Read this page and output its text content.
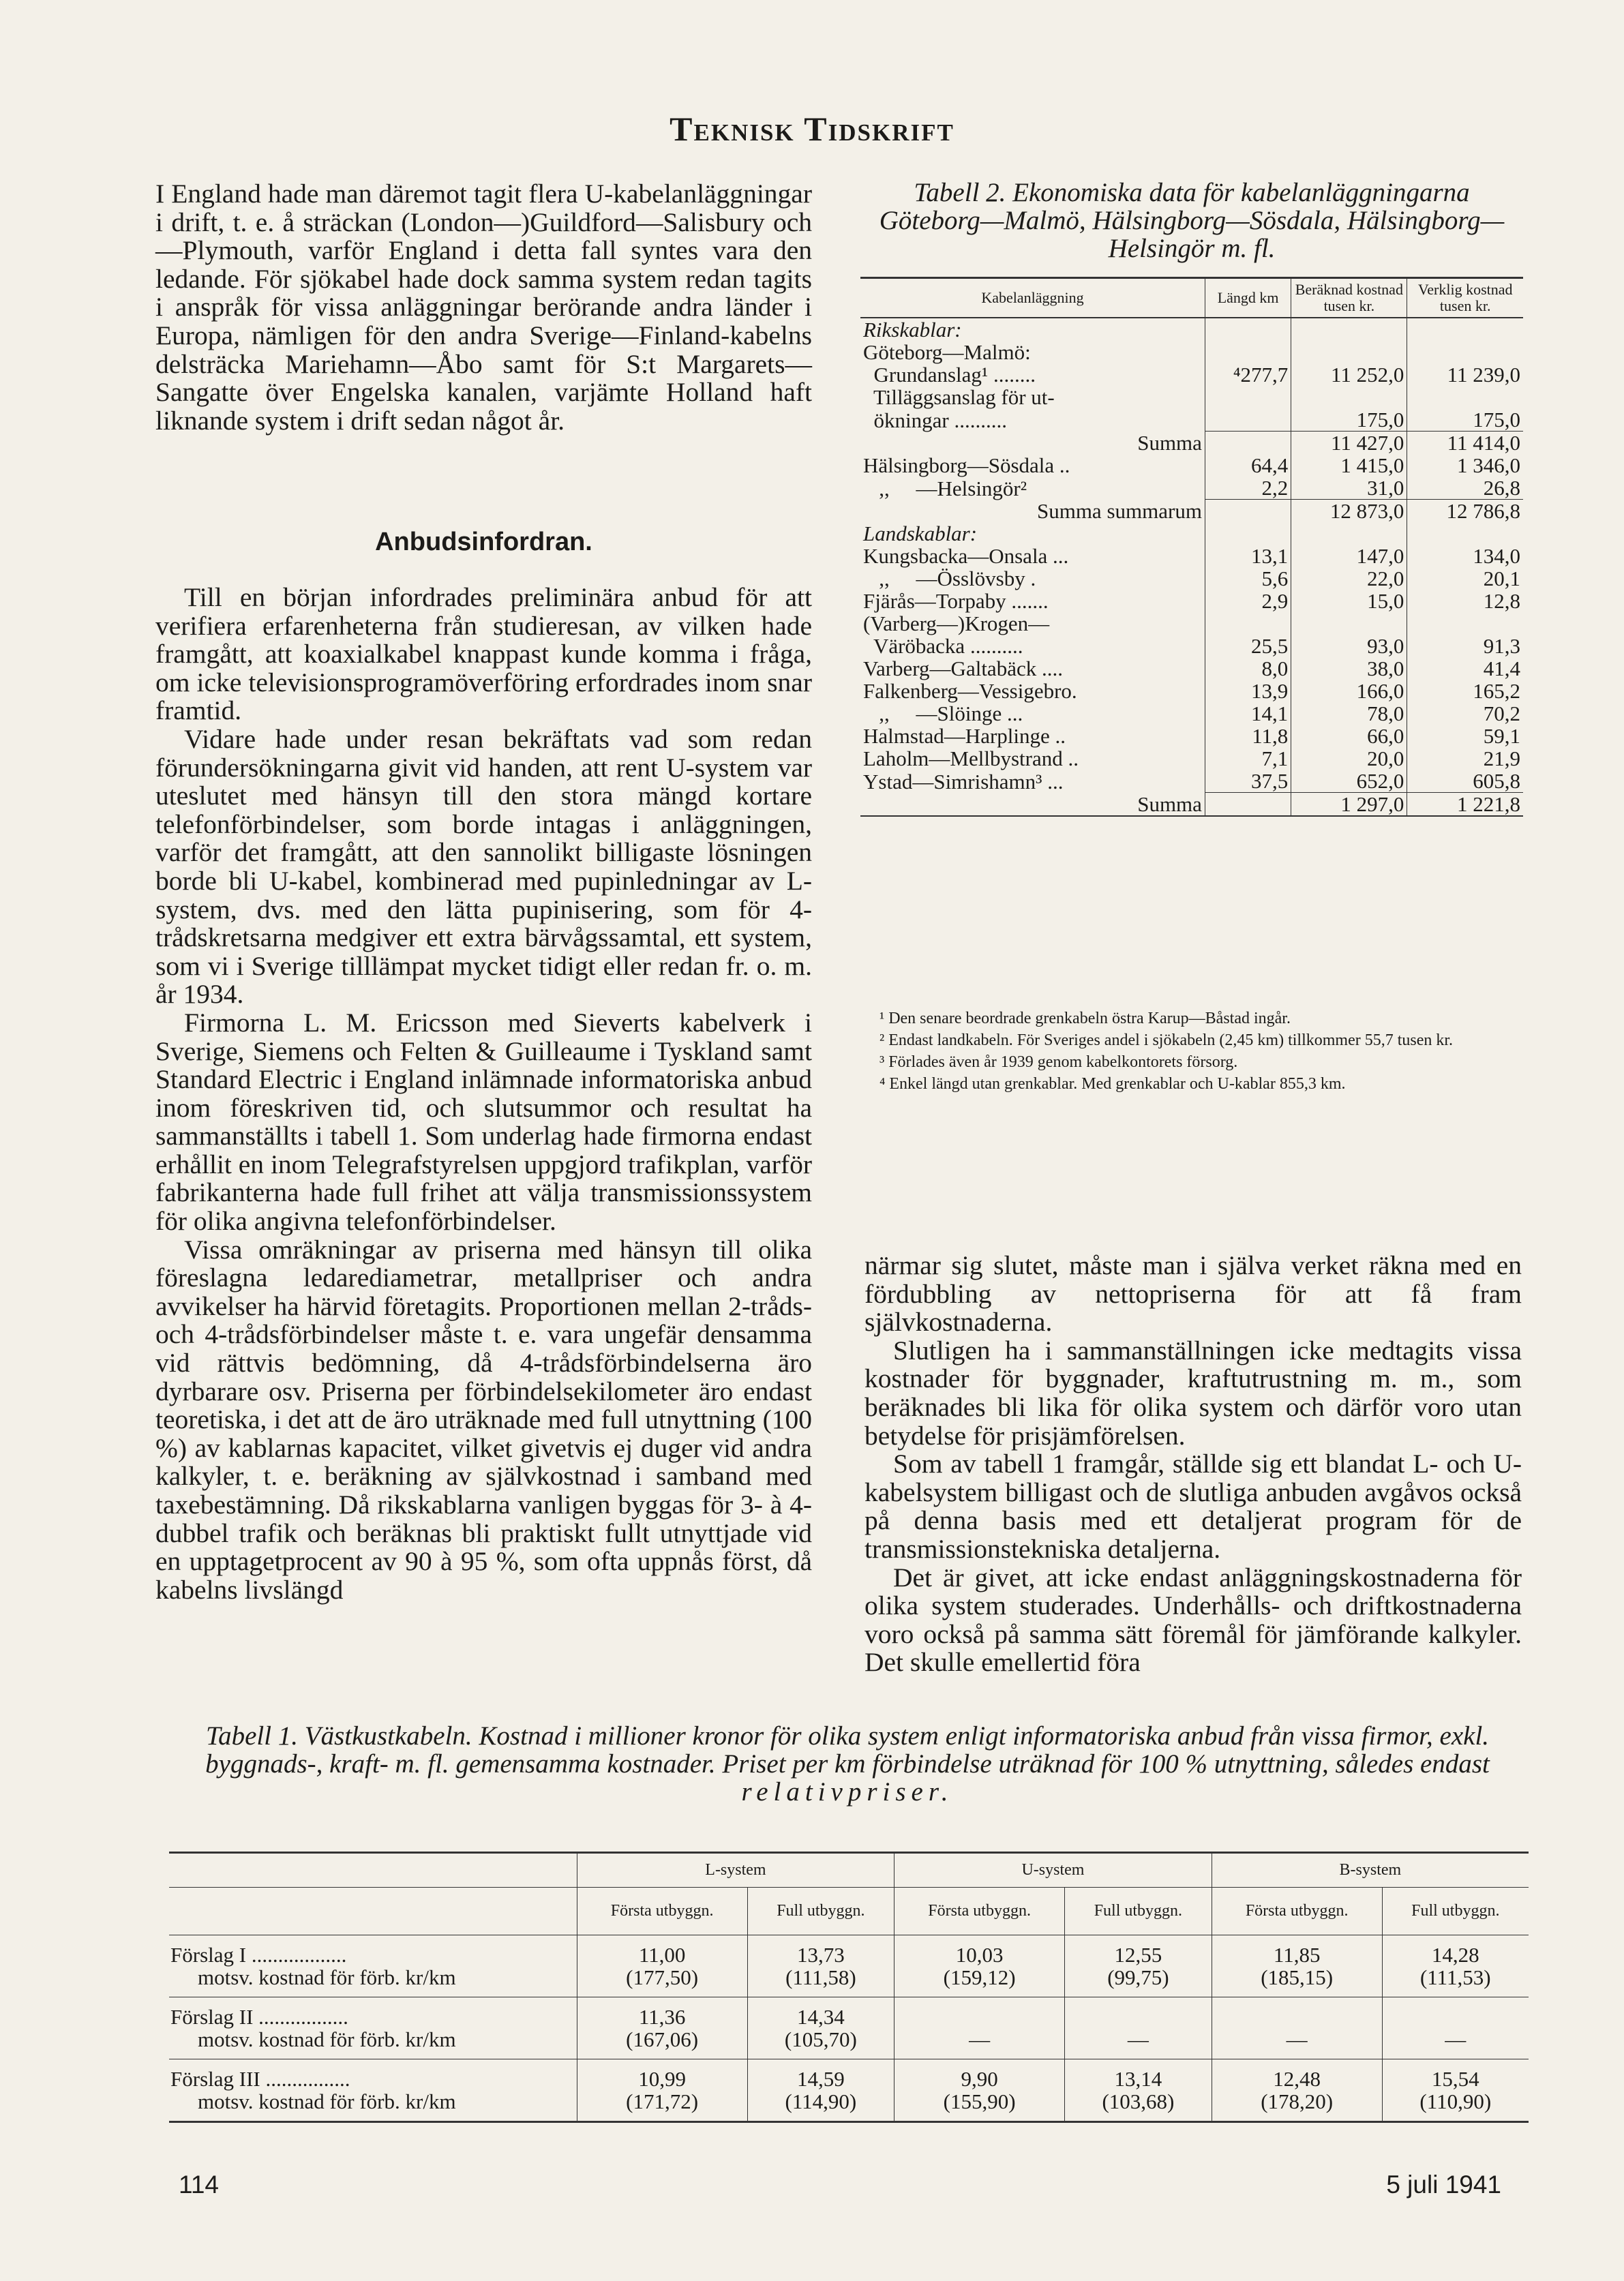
Teknisk Tidskrift

I England hade man däremot tagit flera U-kabelanläggningar i drift, t. e. å sträckan (London—)Guildford—Salisbury och —Plymouth, varför England i detta fall syntes vara den ledande. För sjökabel hade dock samma system redan tagits i anspråk för vissa anläggningar berörande andra länder i Europa, nämligen för den andra Sverige—Finland-kabelns delsträcka Mariehamn—Åbo samt för S:t Margarets—Sangatte över Engelska kanalen, varjämte Holland haft liknande system i drift sedan något år.

Anbudsinfordran.

Till en början infordrades preliminära anbud för att verifiera erfarenheterna från studieresan, av vilken hade framgått, att koaxialkabel knappast kunde komma i fråga, om icke televisionsprogramöverföring erfordrades inom snar framtid.

Vidare hade under resan bekräftats vad som redan förundersökningarna givit vid handen, att rent U-system var uteslutet med hänsyn till den stora mängd kortare telefonförbindelser, som borde intagas i anläggningen, varför det framgått, att den sannolikt billigaste lösningen borde bli U-kabel, kombinerad med pupinledningar av L-system, dvs. med den lätta pupinisering, som för 4-trådskretsarna medgiver ett extra bärvågssamtal, ett system, som vi i Sverige tilllämpat mycket tidigt eller redan fr. o. m. år 1934.

Firmorna L. M. Ericsson med Sieverts kabelverk i Sverige, Siemens och Felten & Guilleaume i Tyskland samt Standard Electric i England inlämnade informatoriska anbud inom föreskriven tid, och slutsummor och resultat ha sammanställts i tabell 1. Som underlag hade firmorna endast erhållit en inom Telegrafstyrelsen uppgjord trafikplan, varför fabrikanterna hade full frihet att välja transmissionssystem för olika angivna telefonförbindelser.

Vissa omräkningar av priserna med hänsyn till olika föreslagna ledarediametrar, metallpriser och andra avvikelser ha härvid företagits. Proportionen mellan 2-tråds- och 4-trådsförbindelser måste t. e. vara ungefär densamma vid rättvis bedömning, då 4-trådsförbindelserna äro dyrbarare osv. Priserna per förbindelsekilometer äro endast teoretiska, i det att de äro uträknade med full utnyttning (100 %) av kablarnas kapacitet, vilket givetvis ej duger vid andra kalkyler, t. e. beräkning av självkostnad i samband med taxebestämning. Då rikskablarna vanligen byggas för 3- à 4-dubbel trafik och beräknas bli praktiskt fullt utnyttjade vid en upptagetprocent av 90 à 95 %, som ofta uppnås först, då kabelns livslängd

Tabell 2. Ekonomiska data för kabelanläggningarna Göteborg—Malmö, Hälsingborg—Sösdala, Hälsingborg—Helsingör m. fl.
Kabelanläggning	Längd km	Beräknad kostnad tusen kr.	Verklig kostnad tusen kr.
Rikskablar:			
Göteborg—Malmö:			
Grundanslag¹ ........	⁴277,7	11 252,0	11 239,0
Tilläggsanslag för ut-			
ökningar ..........		175,0	175,0
Summa		11 427,0	11 414,0
Hälsingborg—Sösdala ..	64,4	1 415,0	1 346,0
,,     —Helsingör²	2,2	31,0	26,8
Summa summarum		12 873,0	12 786,8
Landskablar:			
Kungsbacka—Onsala ...	13,1	147,0	134,0
,,     —Össlövsby .	5,6	22,0	20,1
Fjärås—Torpaby .......	2,9	15,0	12,8
(Varberg—)Krogen—			
Väröbacka ..........	25,5	93,0	91,3
Varberg—Galtabäck ....	8,0	38,0	41,4
Falkenberg—Vessigebro.	13,9	166,0	165,2
,,     —Slöinge ...	14,1	78,0	70,2
Halmstad—Harplinge ..	11,8	66,0	59,1
Laholm—Mellbystrand ..	7,1	20,0	21,9
Ystad—Simrishamn³ ...	37,5	652,0	605,8
Summa		1 297,0	1 221,8
¹ Den senare beordrade grenkabeln östra Karup—Båstad ingår.
² Endast landkabeln. För Sveriges andel i sjökabeln (2,45 km) tillkommer 55,7 tusen kr.
³ Förlades även år 1939 genom kabelkontorets försorg.
⁴ Enkel längd utan grenkablar. Med grenkablar och U-kablar 855,3 km.

närmar sig slutet, måste man i själva verket räkna med en fördubbling av nettopriserna för att få fram självkostnaderna.

Slutligen ha i sammanställningen icke medtagits vissa kostnader för byggnader, kraftutrustning m. m., som beräknades bli lika för olika system och därför voro utan betydelse för prisjämförelsen.

Som av tabell 1 framgår, ställde sig ett blandat L- och U-kabelsystem billigast och de slutliga anbuden avgåvos också på denna basis med ett detaljerat program för de transmissionstekniska detaljerna.

Det är givet, att icke endast anläggningskostnaderna för olika system studerades. Underhålls- och driftkostnaderna voro också på samma sätt föremål för jämförande kalkyler. Det skulle emellertid föra

Tabell 1. Västkustkabeln. Kostnad i millioner kronor för olika system enligt informatoriska anbud från vissa firmor, exkl. byggnads-, kraft- m. fl. gemensamma kostnader. Priset per km förbindelse uträknad för 100 % utnyttning, således endast relativpriser.
	L-system		U-system		B-system	
	Första utbyggn.	Full utbyggn.	Första utbyggn.	Full utbyggn.	Första utbyggn.	Full utbyggn.
Förslag I ..................	11,00	13,73	10,03	12,55	11,85	14,28
motsv. kostnad för förb. kr/km	(177,50)	(111,58)	(159,12)	(99,75)	(185,15)	(111,53)
Förslag II .................	11,36	14,34				
motsv. kostnad för förb. kr/km	(167,06)	(105,70)	—	—	—	—
Förslag III ................	10,99	14,59	9,90	13,14	12,48	15,54
motsv. kostnad för förb. kr/km	(171,72)	(114,90)	(155,90)	(103,68)	(178,20)	(110,90)
114	5 juli 1941
